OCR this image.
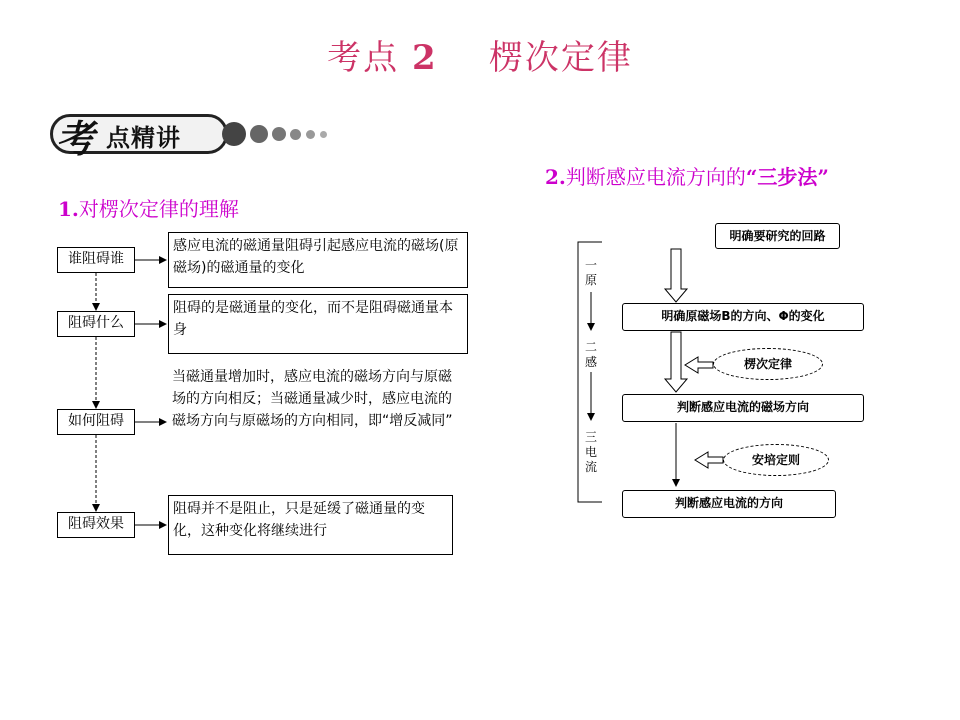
考点 2 楞次定律
考 点精讲
1.对楞次定律的理解
2.判断感应电流方向的“三步法”
谁阻碍谁
感应电流的磁通量阻碍引起感应电流的磁场(原磁场)的磁通量的变化
阻碍什么
阻碍的是磁通量的变化，而不是阻碍磁通量本身
如何阻碍
当磁通量增加时，感应电流的磁场方向与原磁场的方向相反；当磁通量减少时，感应电流的磁场方向与原磁场的方向相同，即“增反减同”
阻碍效果
阻碍并不是阻止，只是延缓了磁通量的变化，这种变化将继续进行
明确要研究的回路
明确原磁场B的方向、Φ的变化
判断感应电流的磁场方向
判断感应电流的方向
楞次定律
安培定则
一原
二感
三电流
